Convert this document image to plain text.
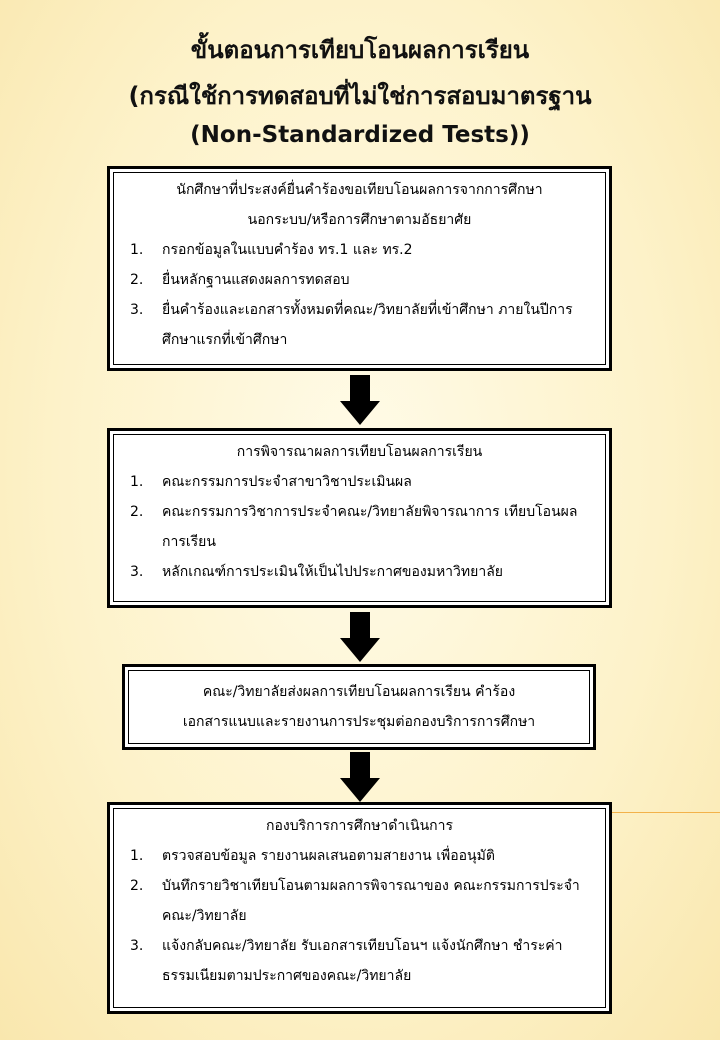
ขั้นตอนการเทียบโอนผลการเรียน
(กรณีใช้การทดสอบที่ไม่ใช่การสอบมาตรฐาน
(Non-Standardized Tests))
นักศึกษาที่ประสงค์ยื่นคำร้องขอเทียบโอนผลการจากการศึกษา
นอกระบบ/หรือการศึกษาตามอัธยาศัย
1. กรอกข้อมูลในแบบคำร้อง ทร.1 และ ทร.2
2. ยื่นหลักฐานแสดงผลการทดสอบ
3. ยื่นคำร้องและเอกสารทั้งหมดที่คณะ/วิทยาลัยที่เข้าศึกษา ภายในปีการศึกษาแรกที่เข้าศึกษา
การพิจารณาผลการเทียบโอนผลการเรียน
1. คณะกรรมการประจำสาขาวิชาประเมินผล
2. คณะกรรมการวิชาการประจำคณะ/วิทยาลัยพิจารณาการ เทียบโอนผลการเรียน
3. หลักเกณฑ์การประเมินให้เป็นไปประกาศของมหาวิทยาลัย
คณะ/วิทยาลัยส่งผลการเทียบโอนผลการเรียน คำร้อง
เอกสารแนบและรายงานการประชุมต่อกองบริการการศึกษา
กองบริการการศึกษาดำเนินการ
1. ตรวจสอบข้อมูล รายงานผลเสนอตามสายงาน เพื่ออนุมัติ
2. บันทึกรายวิชาเทียบโอนตามผลการพิจารณาของ คณะกรรมการประจำคณะ/วิทยาลัย
3. แจ้งกลับคณะ/วิทยาลัย รับเอกสารเทียบโอนฯ แจ้งนักศึกษา ชำระค่าธรรมเนียมตามประกาศของคณะ/วิทยาลัย
